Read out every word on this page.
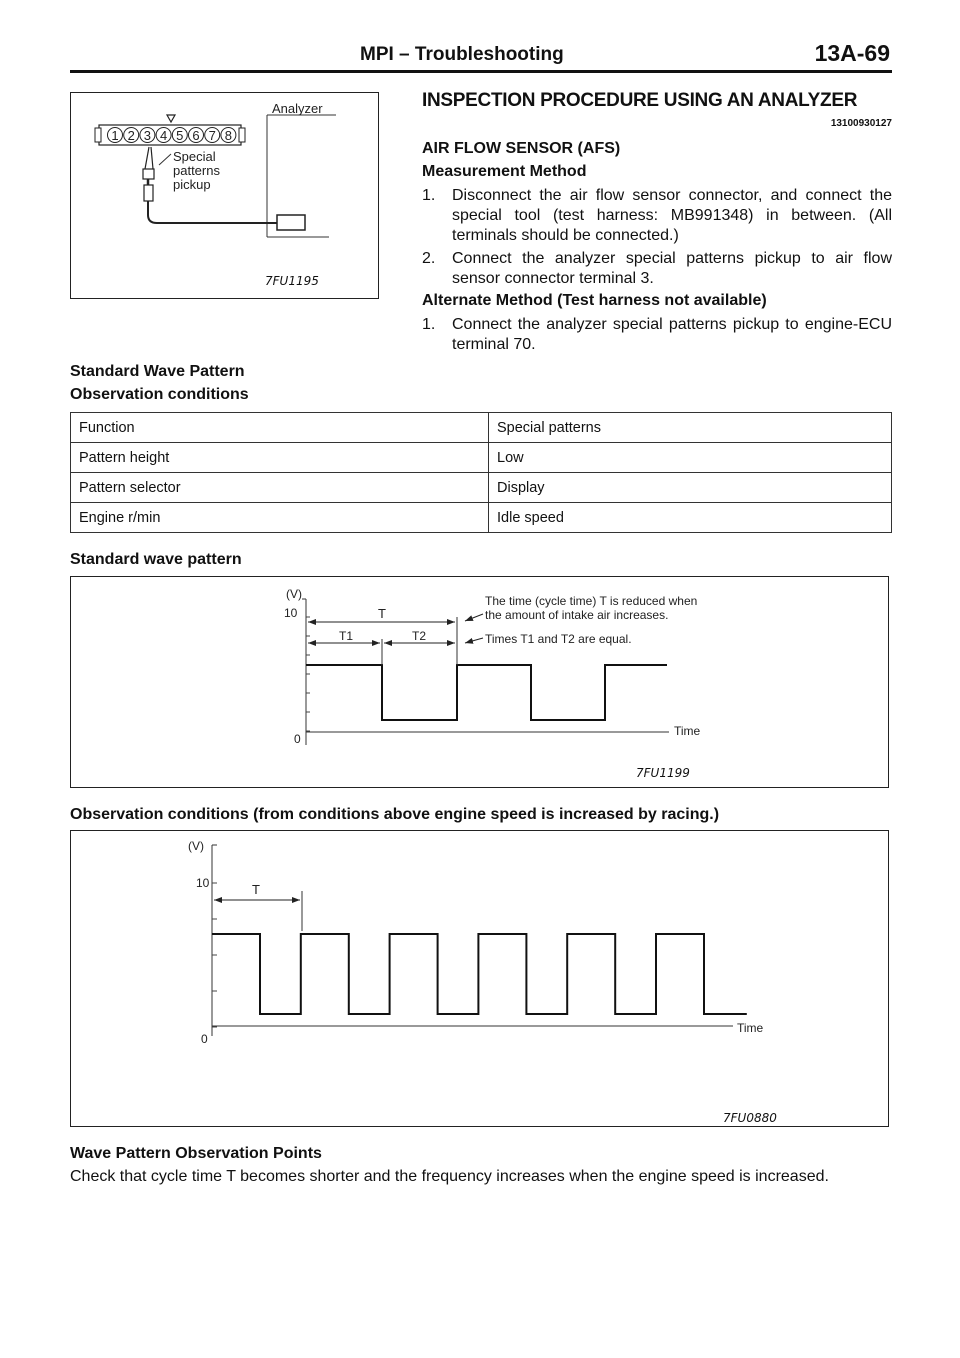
MPI – Troubleshooting	13A-69
Analyzer
1 2 3 4 5 6 7 8
Special patterns pickup
7FU1195
INSPECTION PROCEDURE USING AN ANALYZER
13100930127
AIR FLOW SENSOR (AFS)
Measurement Method
1. Disconnect the air flow sensor connector, and connect the special tool (test harness: MB991348) in between. (All terminals should be connected.)
2. Connect the analyzer special patterns pickup to air flow sensor connector terminal 3.
Alternate Method (Test harness not available)
1. Connect the analyzer special patterns pickup to engine-ECU terminal 70.
Standard Wave Pattern
Observation conditions
Function	Special patterns
Pattern height	Low
Pattern selector	Display
Engine r/min	Idle speed
Standard wave pattern
(V)
10
0
Time
T
T1	T2
The time (cycle time) T is reduced when
the amount of intake air increases.
Times T1 and T2 are equal.
7FU1199
Observation conditions (from conditions above engine speed is increased by racing.)
(V)
10
0
Time
T
7FU0880
Wave Pattern Observation Points
Check that cycle time T becomes shorter and the frequency increases when the engine speed is increased.
